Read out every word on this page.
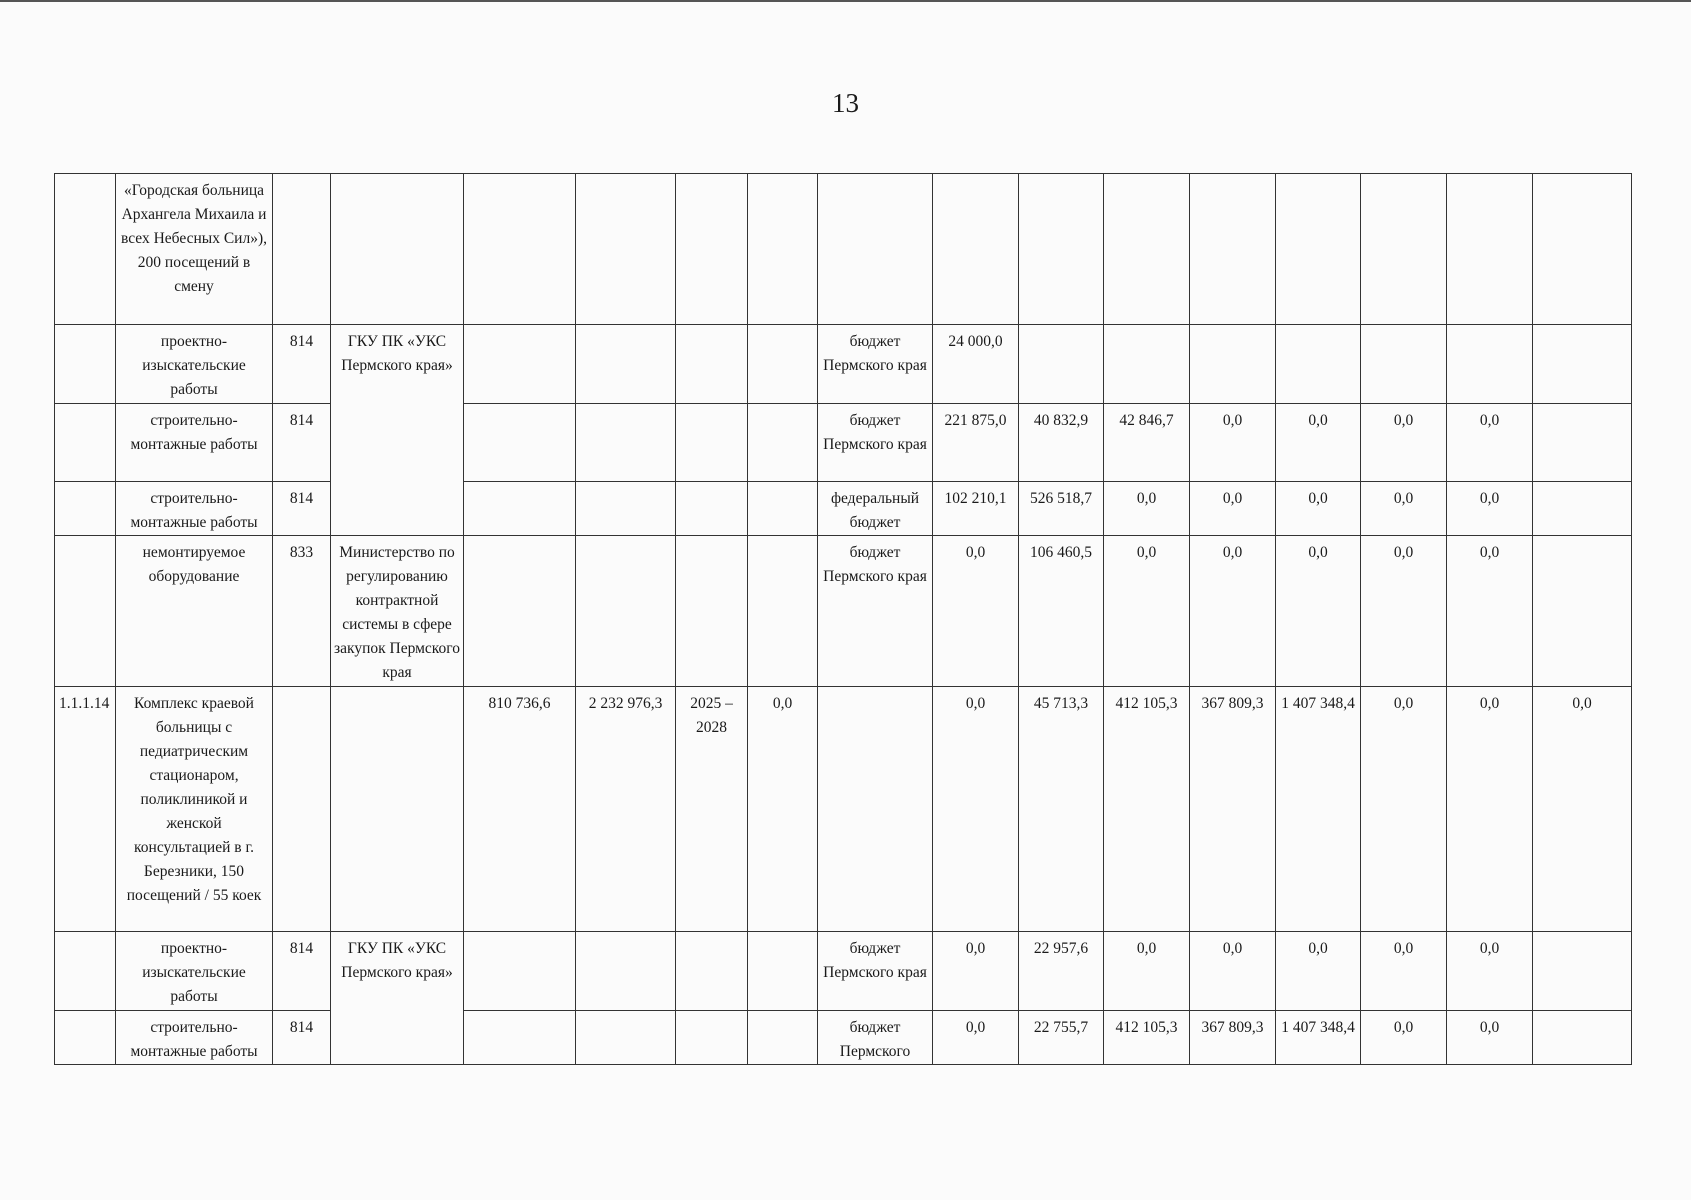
13
	«Городская больница Архангела Михаила и всех Небесных Сил»), 200 посещений в смену															
	проектно-изыскательские работы	814	ГКУ ПК «УКС Пермского края»					бюджет Пермского края	24 000,0							
	строительно-монтажные работы	814						бюджет Пермского края	221 875,0	40 832,9	42 846,7	0,0	0,0	0,0	0,0	
	строительно-монтажные работы	814						федеральный бюджет	102 210,1	526 518,7	0,0	0,0	0,0	0,0	0,0	
	немонтируемое оборудование	833	Министерство по регулированию контрактной системы в сфере закупок Пермского края					бюджет Пермского края	0,0	106 460,5	0,0	0,0	0,0	0,0	0,0	
1.1.1.14	Комплекс краевой больницы с педиатрическим стационаром, поликлиникой и женской консультацией в г. Березники, 150 посещений / 55 коек			810 736,6	2 232 976,3	2025 – 2028	0,0		0,0	45 713,3	412 105,3	367 809,3	1 407 348,4	0,0	0,0	0,0
	проектно-изыскательские работы	814	ГКУ ПК «УКС Пермского края»					бюджет Пермского края	0,0	22 957,6	0,0	0,0	0,0	0,0	0,0	
	строительно-монтажные работы	814						бюджет Пермского	0,0	22 755,7	412 105,3	367 809,3	1 407 348,4	0,0	0,0	
